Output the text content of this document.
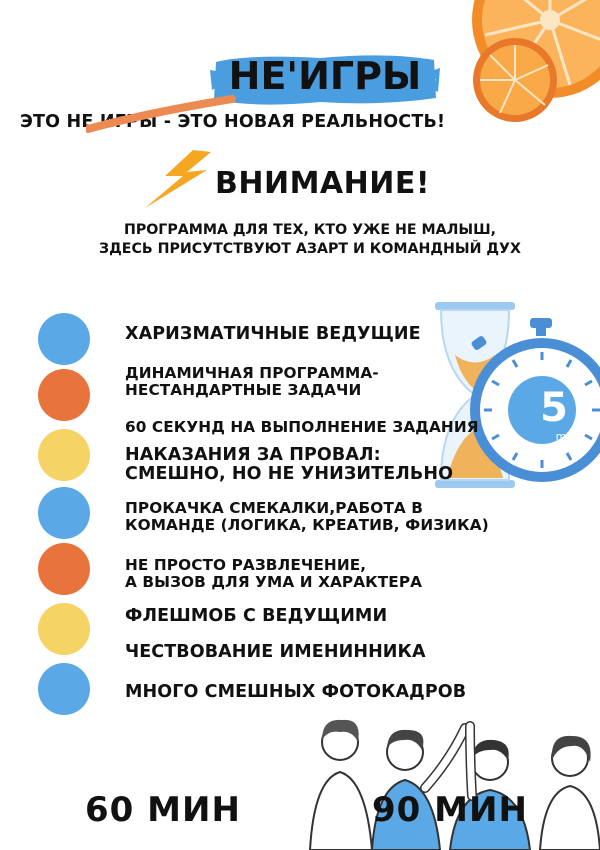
НЕ'ИГРЫ
ЭТО НЕ ИГРЫ - ЭТО НОВАЯ РЕАЛЬНОСТЬ!
ВНИМАНИЕ!
ПРОГРАММА ДЛЯ ТЕХ, КТО УЖЕ НЕ МАЛЫШ,
ЗДЕСЬ ПРИСУТСТВУЮТ АЗАРТ И КОМАНДНЫЙ ДУХ
5
min
ХАРИЗМАТИЧНЫЕ ВЕДУЩИЕ
ДИНАМИЧНАЯ ПРОГРАММА-
НЕСТАНДАРТНЫЕ ЗАДАЧИ
60 СЕКУНД НА ВЫПОЛНЕНИЕ ЗАДАНИЯ
НАКАЗАНИЯ ЗА ПРОВАЛ:
СМЕШНО, НО НЕ УНИЗИТЕЛЬНО
ПРОКАЧКА СМЕКАЛКИ,РАБОТА В
КОМАНДЕ (ЛОГИКА, КРЕАТИВ, ФИЗИКА)
НЕ ПРОСТО РАЗВЛЕЧЕНИЕ,
А ВЫЗОВ ДЛЯ УМА И ХАРАКТЕРА
ФЛЕШМОБ С ВЕДУЩИМИ
ЧЕСТВОВАНИЕ ИМЕНИННИКА
МНОГО СМЕШНЫХ ФОТОКАДРОВ
60 МИН	90 МИН
